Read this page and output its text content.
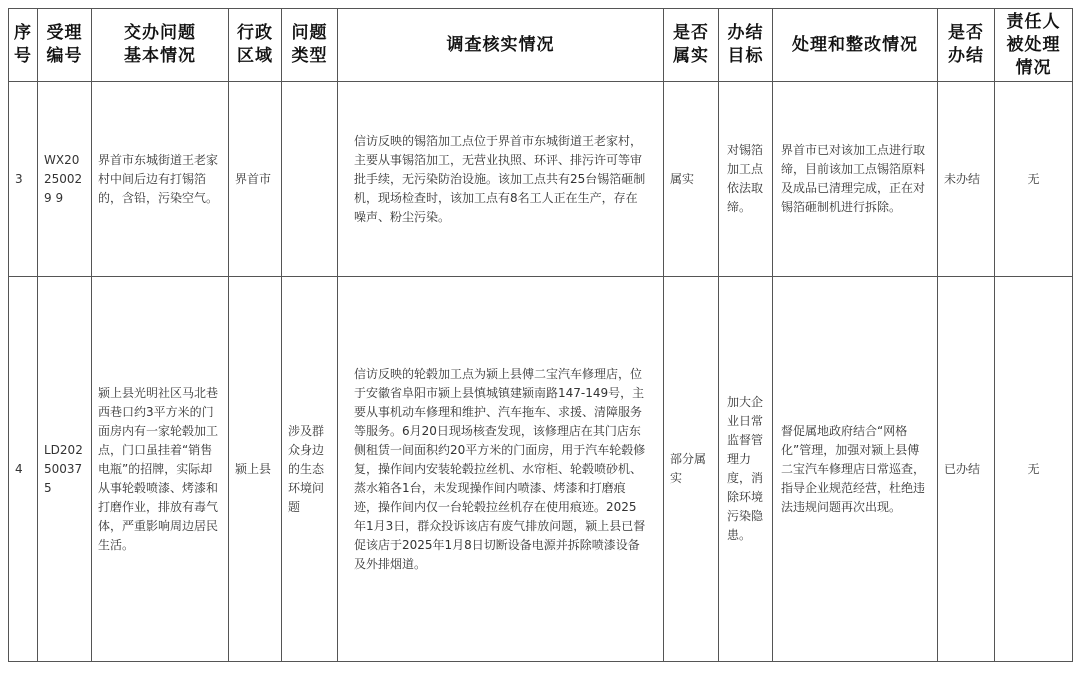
序号	受理编号	交办问题基本情况	行政区域	问题类型	调查核实情况	是否属实	办结目标	处理和整改情况	是否办结	责任人被处理情况

3	WX20250029 9	界首市东城街道王老家村中间后边有打锡箔的，含铅，污染空气。	界首市		信访反映的锡箔加工点位于界首市东城街道王老家村，主要从事锡箔加工，无营业执照、环评、排污许可等审批手续，无污染防治设施。该加工点共有25台锡箔砸制机，现场检查时，该加工点有8名工人正在生产，存在噪声、粉尘污染。	属实	对锡箔加工点依法取缔。	界首市已对该加工点进行取缔，目前该加工点锡箔原料及成品已清理完成，正在对锡箔砸制机进行拆除。	未办结	无

4	LD20250037 5	颍上县光明社区马北巷西巷口约3平方米的门面房内有一家轮毂加工点，门口虽挂着“销售电瓶”的招牌，实际却从事轮毂喷漆、烤漆和打磨作业，排放有毒气体，严重影响周边居民生活。	颍上县	涉及群众身边的生态环境问题	信访反映的轮毂加工点为颍上县傅二宝汽车修理店，位于安徽省阜阳市颍上县慎城镇建颍南路147-149号，主要从事机动车修理和维护、汽车拖车、求援、清障服务等服务。6月20日现场核查发现，该修理店在其门店东侧租赁一间面积约20平方米的门面房，用于汽车轮毂修复，操作间内安装轮毂拉丝机、水帘柜、轮毂喷砂机、蒸水箱各1台，未发现操作间内喷漆、烤漆和打磨痕迹，操作间内仅一台轮毂拉丝机存在使用痕迹。2025年1月3日，群众投诉该店有废气排放问题，颍上县已督促该店于2025年1月8日切断设备电源并拆除喷漆设备及外排烟道。	部分属实	加大企业日常监督管理力度，消除环境污染隐患。	督促属地政府结合“网格化”管理，加强对颍上县傅二宝汽车修理店日常巡查，指导企业规范经营，杜绝违法违规问题再次出现。	已办结	无
